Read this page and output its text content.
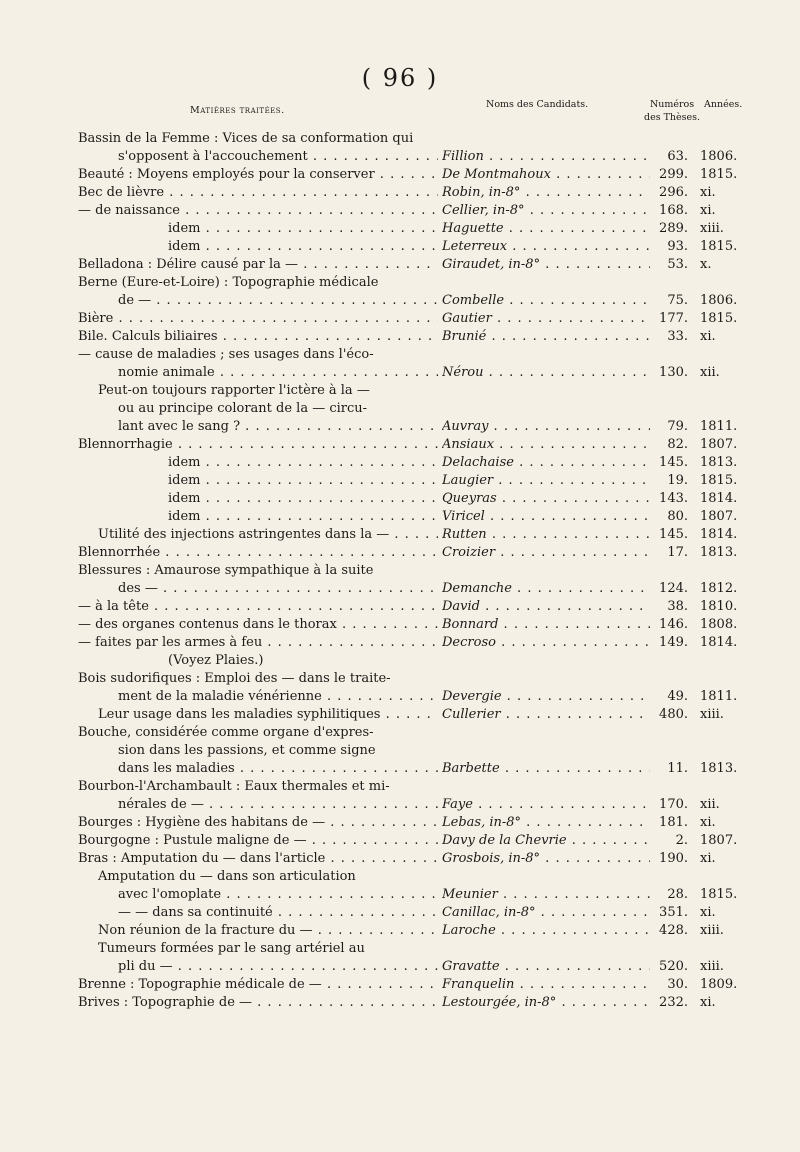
( 96 )
Matières traitées.
Noms des Candidats.	Numéros
des Thèses.
Années.
Bassin de la Femme : Vices de sa conformation qui
s'opposent à l'accouchement . . .	Fillion . . .	63. 1806.
Beauté : Moyens employés pour la conserver . . .	De Montmahoux . . .	299. 1815.
Bec de lièvre . . .	Robin, in-8° . . .	296. xi.
— de naissance . . .	Cellier, in-8° . . .	168. xi.
idem . . .	Haguette . . .	289. xiii.
idem . . .	Leterreux . . .	93. 1815.
Belladona : Délire causé par la — . . .	Giraudet, in-8° . . .	53. x.
Berne (Eure-et-Loire) : Topographie médicale
de — . . .	Combelle . . .	75. 1806.
Bière . . .	Gautier . . .	177. 1815.
Bile. Calculs biliaires . . .	Brunié . . .	33. xi.
— cause de maladies ; ses usages dans l'éco-
nomie animale . . .	Nérou . . .	130. xii.
Peut-on toujours rapporter l'ictère à la —
ou au principe colorant de la — circu-
lant avec le sang ? . . .	Auvray . . .	79. 1811.
Blennorrhagie . . .	Ansiaux . . .	82. 1807.
idem . . .	Delachaise . . .	145. 1813.
idem . . .	Laugier . . .	19. 1815.
idem . . .	Queyras . . .	143. 1814.
idem . . .	Viricel . . .	80. 1807.
Utilité des injections astringentes dans la — . . .	Rutten . . .	145. 1814.
Blennorrhée . . .	Croizier . . .	17. 1813.
Blessures : Amaurose sympathique à la suite
des — . . .	Demanche . . .	124. 1812.
— à la tête . . .	David . . .	38. 1810.
— des organes contenus dans le thorax . . .	Bonnard . . .	146. 1808.
— faites par les armes à feu . . .	Decroso . . .	149. 1814.
(Voyez Plaies.)
Bois sudorifiques : Emploi des — dans le traite-
ment de la maladie vénérienne . . .	Devergie . . .	49. 1811.
Leur usage dans les maladies syphilitiques . . .	Cullerier . . .	480. xiii.
Bouche, considérée comme organe d'expres-
sion dans les passions, et comme signe
dans les maladies . . .	Barbette . . .	11. 1813.
Bourbon-l'Archambault : Eaux thermales et mi-
nérales de — . . .	Faye . . .	170. xii.
Bourges : Hygiène des habitans de — . . .	Lebas, in-8° . . .	181. xi.
Bourgogne : Pustule maligne de — . . .	Davy de la Chevrie . . .	2. 1807.
Bras : Amputation du — dans l'article . . .	Grosbois, in-8° . . .	190. xi.
Amputation du — dans son articulation
avec l'omoplate . . .	Meunier . . .	28. 1815.
— — dans sa continuité . . .	Canillac, in-8° . . .	351. xi.
Non réunion de la fracture du — . . .	Laroche . . .	428. xiii.
Tumeurs formées par le sang artériel au
pli du — . . .	Gravatte . . .	520. xiii.
Brenne : Topographie médicale de — . . .	Franquelin . . .	30. 1809.
Brives : Topographie de — . . .	Lestourgée, in-8° . . .	232. xi.
